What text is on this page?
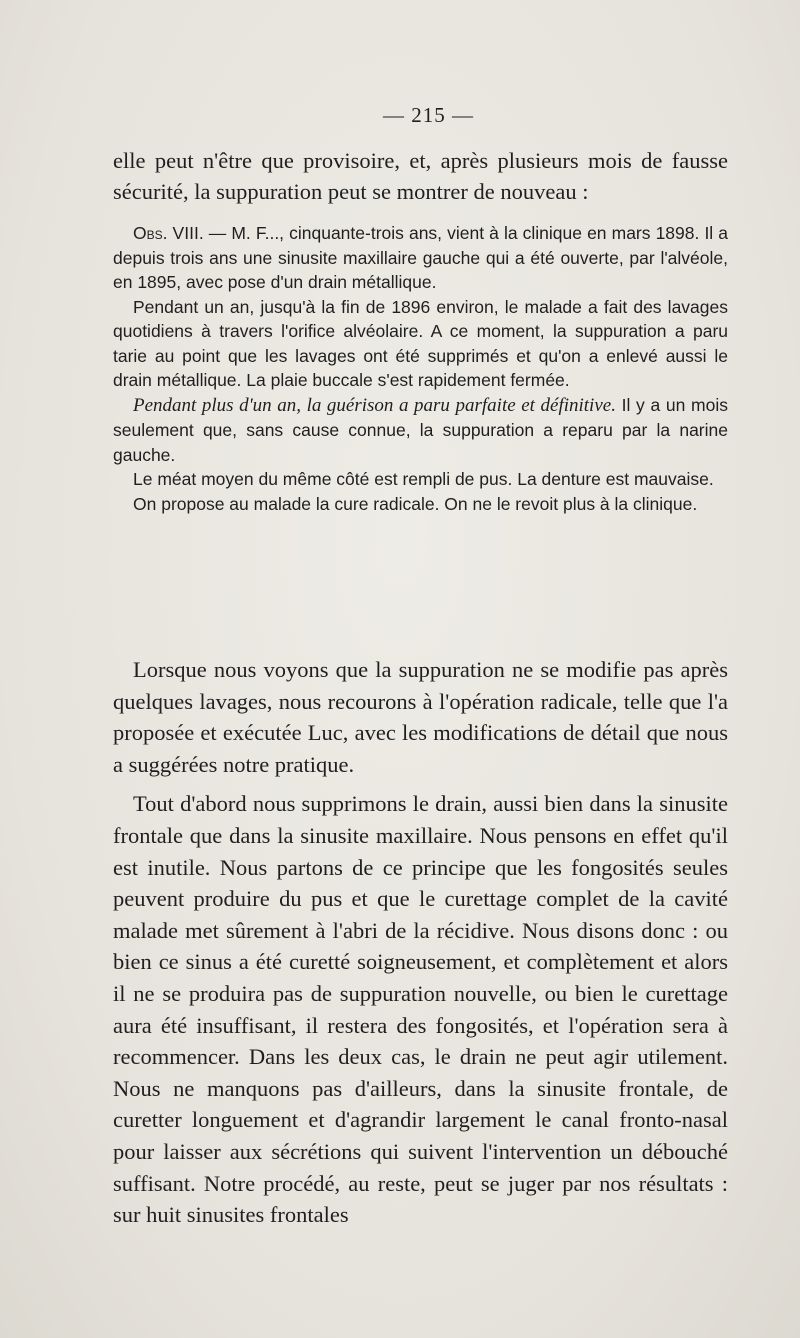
— 215 —

elle peut n'être que provisoire, et, après plusieurs mois de fausse sécurité, la suppuration peut se montrer de nouveau :

Obs. VIII. — M. F..., cinquante-trois ans, vient à la clinique en mars 1898. Il a depuis trois ans une sinusite maxillaire gauche qui a été ouverte, par l'alvéole, en 1895, avec pose d'un drain métallique.

Pendant un an, jusqu'à la fin de 1896 environ, le malade a fait des lavages quotidiens à travers l'orifice alvéolaire. A ce moment, la suppuration a paru tarie au point que les lavages ont été supprimés et qu'on a enlevé aussi le drain métallique. La plaie buccale s'est rapidement fermée.

Pendant plus d'un an, la guérison a paru parfaite et définitive. Il y a un mois seulement que, sans cause connue, la suppuration a reparu par la narine gauche.

Le méat moyen du même côté est rempli de pus. La denture est mauvaise.

On propose au malade la cure radicale. On ne le revoit plus à la clinique.

Lorsque nous voyons que la suppuration ne se modifie pas après quelques lavages, nous recourons à l'opération radicale, telle que l'a proposée et exécutée Luc, avec les modifications de détail que nous a suggérées notre pratique.

Tout d'abord nous supprimons le drain, aussi bien dans la sinusite frontale que dans la sinusite maxillaire. Nous pensons en effet qu'il est inutile. Nous partons de ce principe que les fongosités seules peuvent produire du pus et que le curettage complet de la cavité malade met sûrement à l'abri de la récidive. Nous disons donc : ou bien ce sinus a été curetté soigneusement, et complètement et alors il ne se produira pas de suppuration nouvelle, ou bien le curettage aura été insuffisant, il restera des fongosités, et l'opération sera à recommencer. Dans les deux cas, le drain ne peut agir utilement. Nous ne manquons pas d'ailleurs, dans la sinusite frontale, de curetter longuement et d'agrandir largement le canal fronto-nasal pour laisser aux sécrétions qui suivent l'intervention un débouché suffisant. Notre procédé, au reste, peut se juger par nos résultats : sur huit sinusites frontales
